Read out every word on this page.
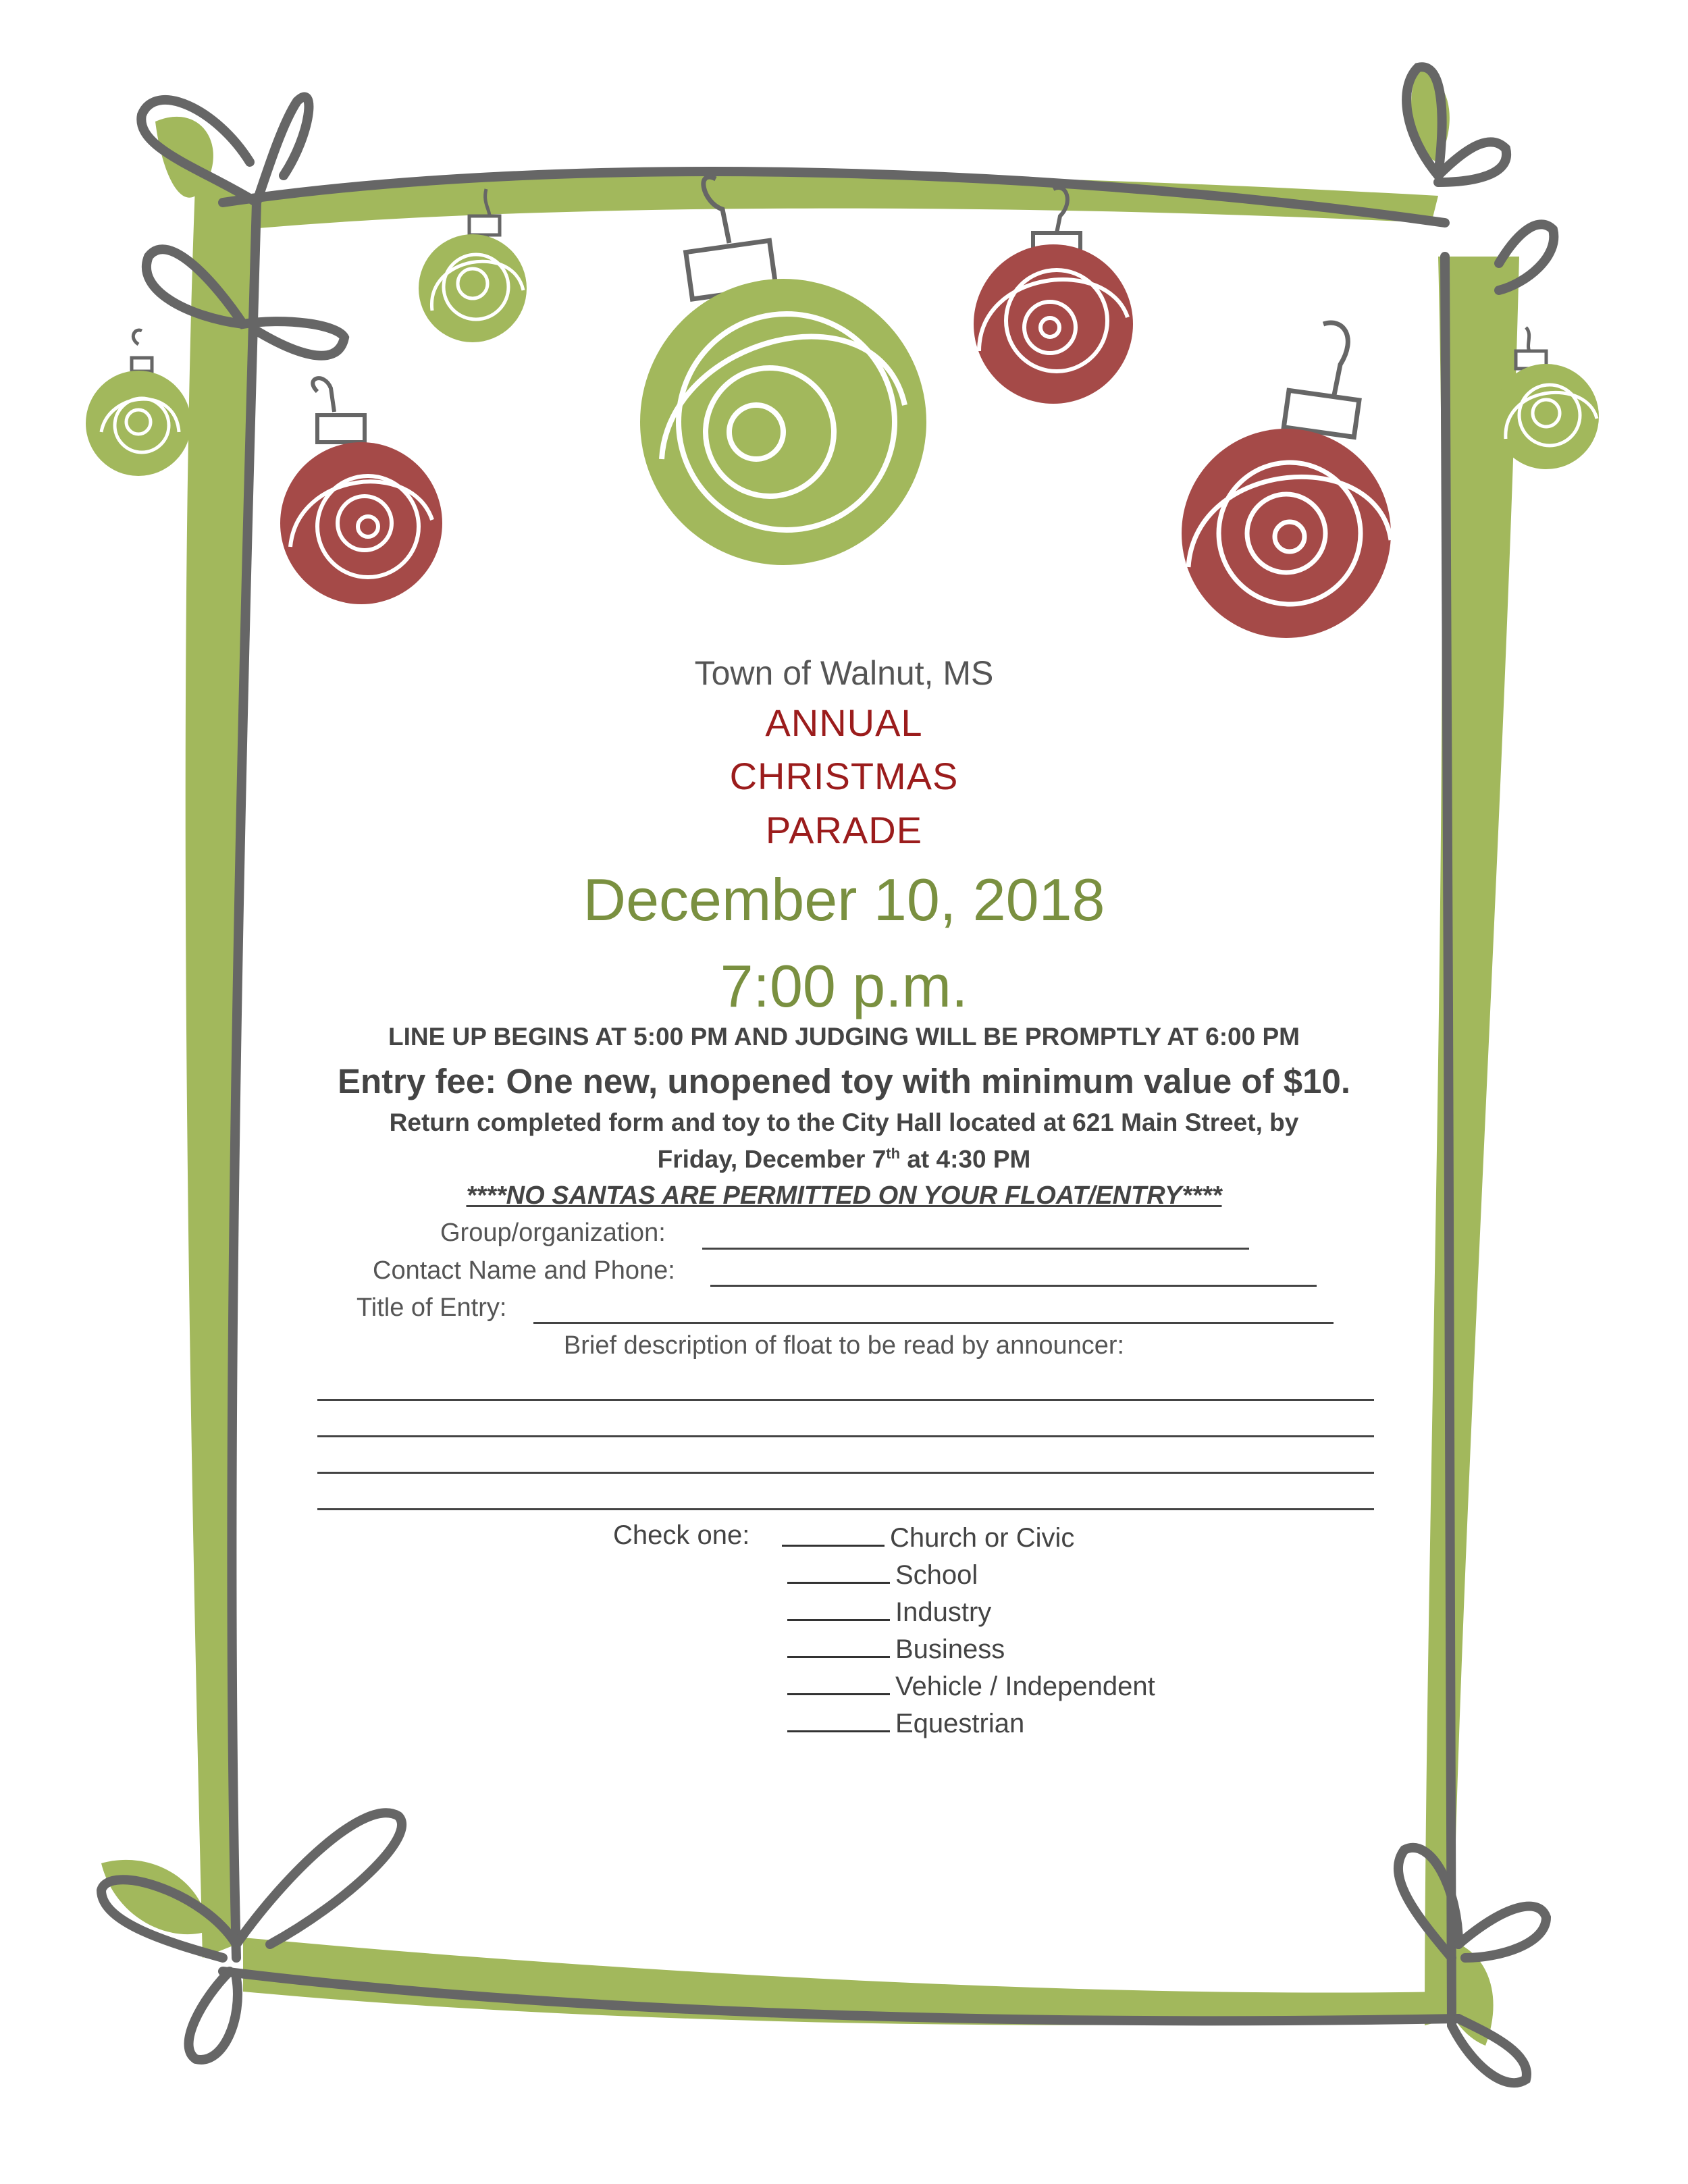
Town of Walnut, MS
ANNUAL
CHRISTMAS
PARADE
December 10, 2018
7:00 p.m.
LINE UP BEGINS AT 5:00 PM AND JUDGING WILL BE PROMPTLY AT 6:00 PM
Entry fee: One new, unopened toy with minimum value of $10.
Return completed form and toy to the City Hall located at 621 Main Street, by
Friday, December 7th at 4:30 PM
****NO SANTAS ARE PERMITTED ON YOUR FLOAT/ENTRY****
Group/organization:
Contact Name and Phone:
Title of Entry:
Brief description of float to be read by announcer:
Check one:	Church or Civic
School
Industry
Business
Vehicle / Independent
Equestrian
